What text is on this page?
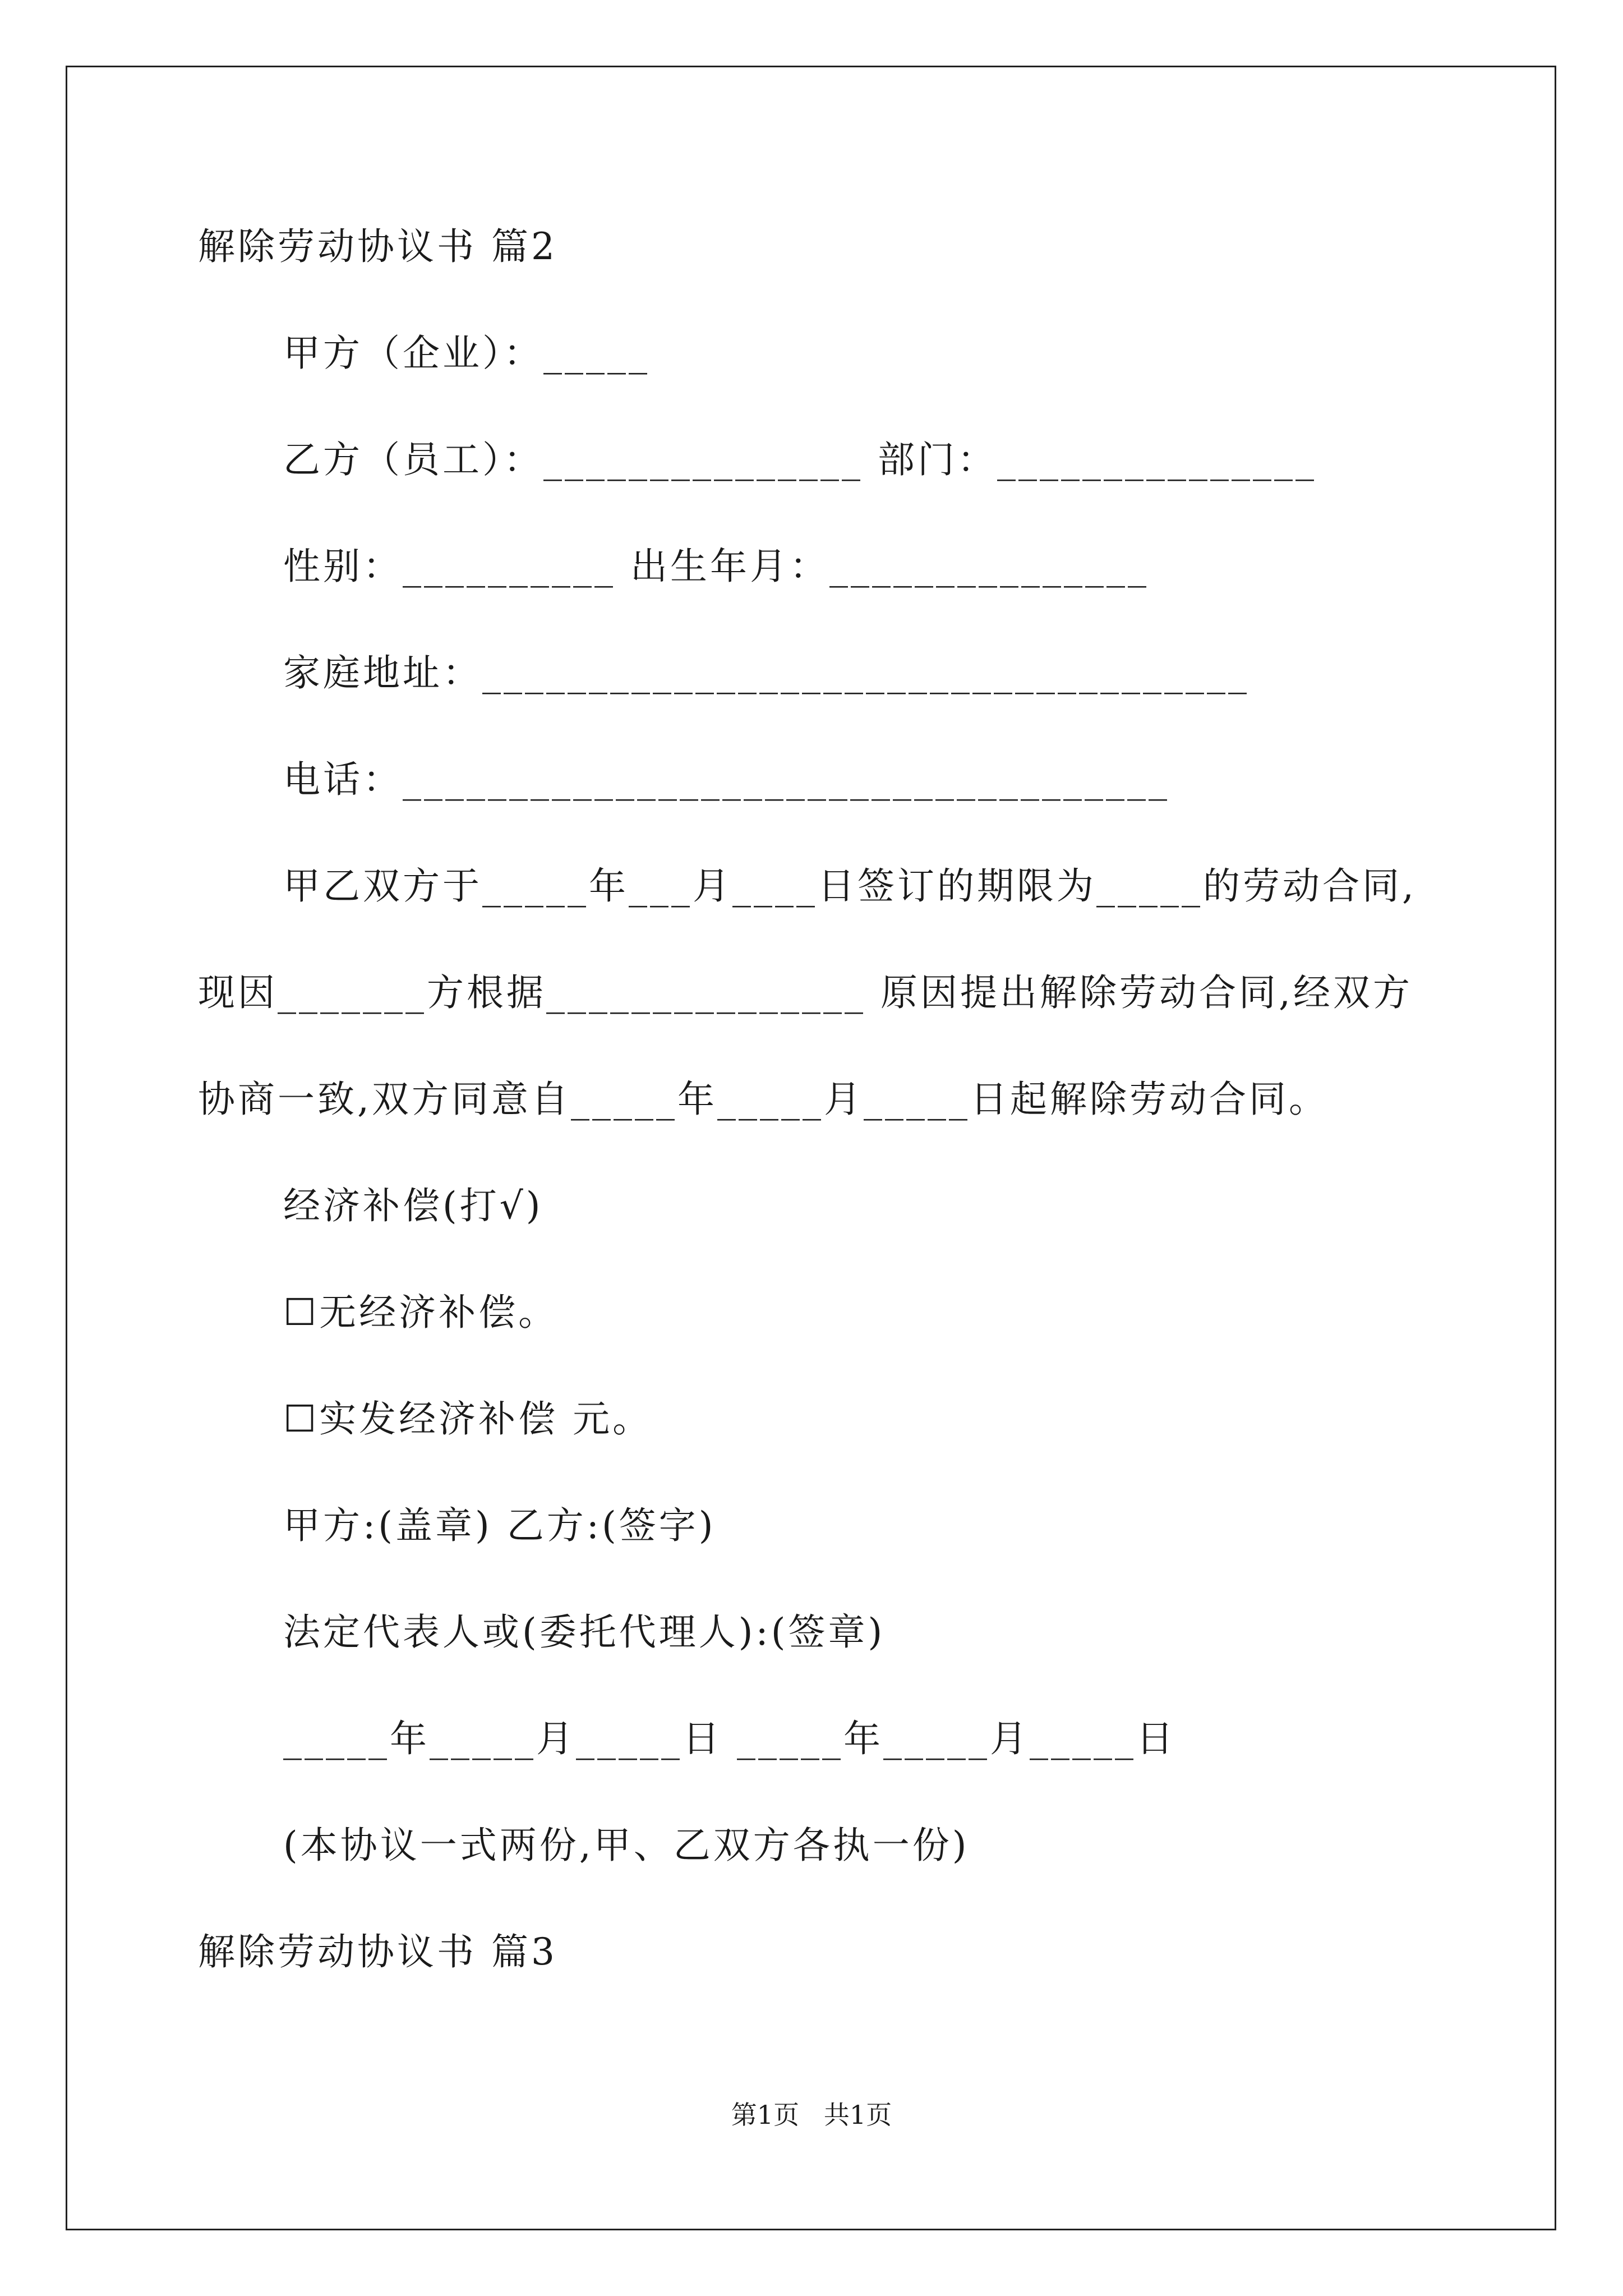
解除劳动协议书 篇2
甲方（企业）：_____
乙方（员工）：_______________ 部门：_______________
性别：__________ 出生年月：_______________
家庭地址：____________________________________
电话：____________________________________
甲乙双方于_____年___月____日签订的期限为_____的劳动合同,
现因_______方根据_______________ 原因提出解除劳动合同,经双方
协商一致,双方同意自_____年_____月_____日起解除劳动合同。
经济补偿(打√)
☐无经济补偿。
☐实发经济补偿 元。
甲方:(盖章) 乙方:(签字)
法定代表人或(委托代理人):(签章)
_____年_____月_____日 _____年_____月_____日
(本协议一式两份,甲、乙双方各执一份)
解除劳动协议书 篇3
第1页   共1页
